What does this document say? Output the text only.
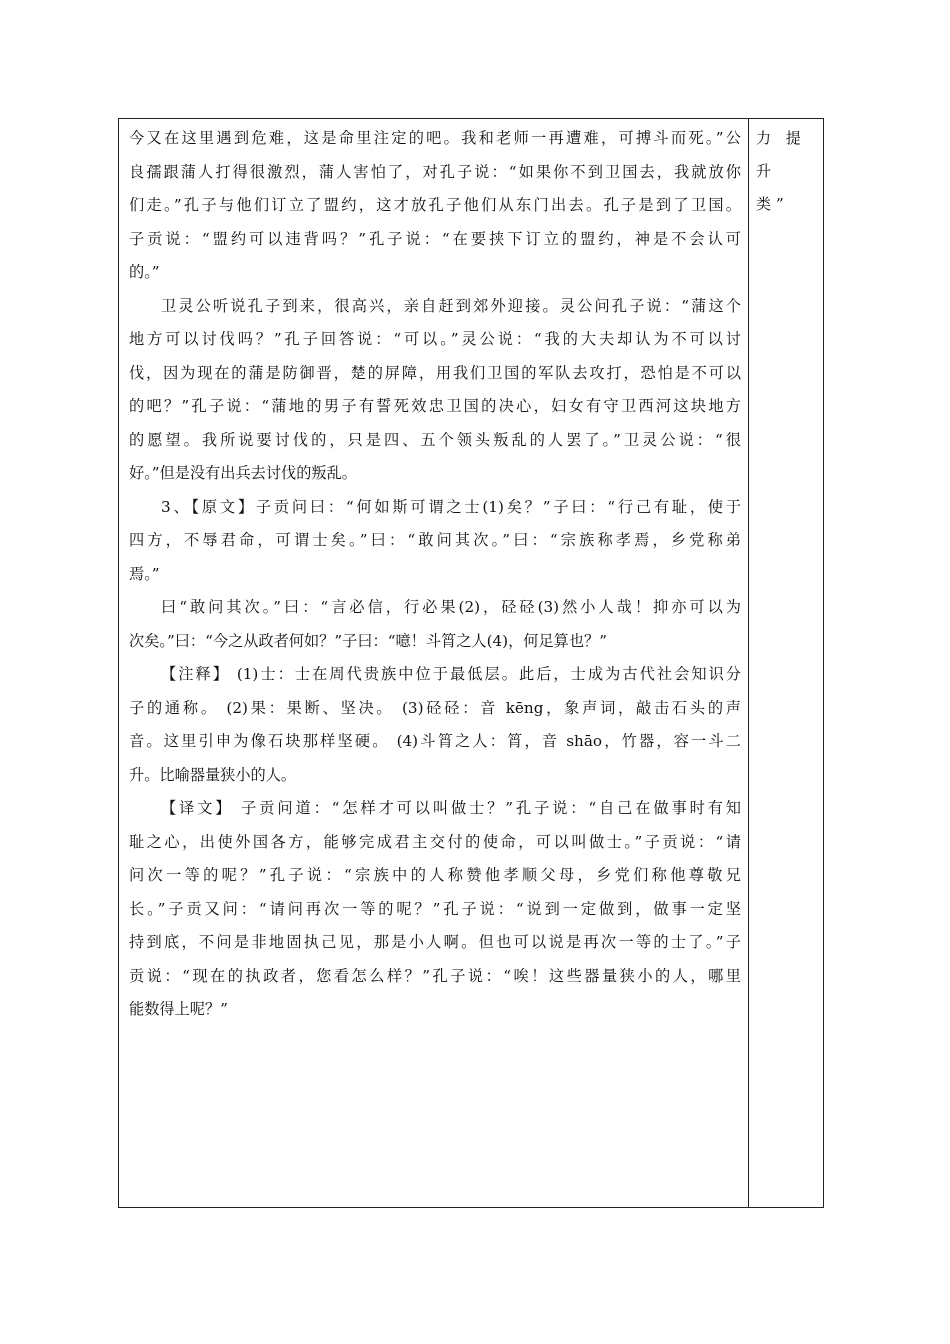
今又在这里遇到危难，这是命里注定的吧。我和老师一再遭难，可搏斗而死。”公
良孺跟蒲人打得很激烈，蒲人害怕了，对孔子说：“如果你不到卫国去，我就放你
们走。”孔子与他们订立了盟约，这才放孔子他们从东门出去。孔子是到了卫国。
子贡说：“盟约可以违背吗？”孔子说：“在要挟下订立的盟约，神是不会认可
的。”
卫灵公听说孔子到来，很高兴，亲自赶到郊外迎接。灵公问孔子说：“蒲这个
地方可以讨伐吗？”孔子回答说：“可以。”灵公说：“我的大夫却认为不可以讨
伐，因为现在的蒲是防御晋，楚的屏障，用我们卫国的军队去攻打，恐怕是不可以
的吧？”孔子说：“蒲地的男子有誓死效忠卫国的决心，妇女有守卫西河这块地方
的愿望。我所说要讨伐的，只是四、五个领头叛乱的人罢了。”卫灵公说：“很
好。”但是没有出兵去讨伐的叛乱。
3、【原文】子贡问曰：“何如斯可谓之士(1)矣？”子曰：“行己有耻，使于
四方，不辱君命，可谓士矣。”曰：“敢问其次。”曰：“宗族称孝焉，乡党称弟
焉。”
曰“敢问其次。”曰：“言必信，行必果(2)，硁硁(3)然小人哉！抑亦可以为
次矣。”曰：“今之从政者何如？”子曰：“噫！斗筲之人(4)，何足算也？”
【注释】 (1)士：士在周代贵族中位于最低层。此后，士成为古代社会知识分
子的通称。 (2)果：果断、坚决。 (3)硁硁：音 kēng，象声词，敲击石头的声
音。这里引申为像石块那样坚硬。 (4)斗筲之人：筲，音 shāo，竹器，容一斗二
升。比喻器量狭小的人。
【译文】 子贡问道：“怎样才可以叫做士？”孔子说：“自己在做事时有知
耻之心，出使外国各方，能够完成君主交付的使命，可以叫做士。”子贡说：“请
问次一等的呢？”孔子说：“宗族中的人称赞他孝顺父母，乡党们称他尊敬兄
长。”子贡又问：“请问再次一等的呢？”孔子说：“说到一定做到，做事一定坚
持到底，不问是非地固执己见，那是小人啊。但也可以说是再次一等的士了。”子
贡说：“现在的执政者，您看怎么样？”孔子说：“唉！这些器量狭小的人，哪里
能数得上呢？”
力 提 升
类”
